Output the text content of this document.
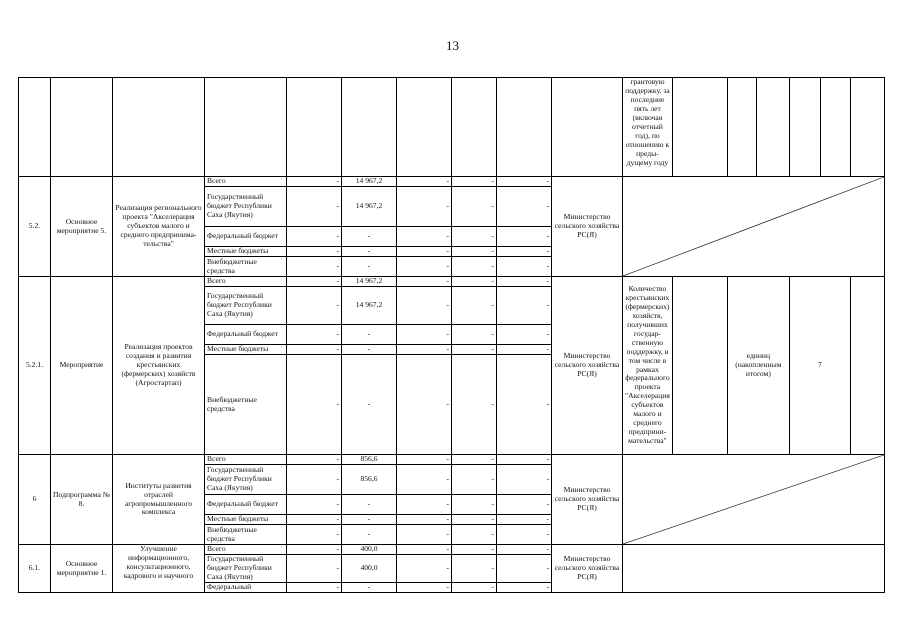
13
										грантовую поддержку, за последние пять лет (включая отчетный год), по отношению к преды-дущему году						
5.2.	Основное мероприятие 5.	Реализация регионального проекта "Акселерация субъектов малого и среднего предпринима-тельства"	Всего	-	14 967,2	-	-	-	Министерство сельского хозяйства РС(Я)	

			Государственный бюджет Республики Саха (Якутия)	-	14 967,2	-	-	-								
			Федеральный бюджет	-	-	-	-	-								
			Местные бюджеты	-	-	-	-	-								
			Внебюджетные средства	-	-	-	-	-								
5.2.1.	Мероприятие	Реализация проектов создания и развития крестьянских (фермерских) хозяйств (Агростартап)	Всего	-	14 967,2	-	-	-	Министерство сельского хозяйства РС(Я)	Количество крестьянских (фермерских) хозяйств, получивших государ-ственную поддержку, в том числе в рамках федерального проекта "Акселерация субъектов малого и среднего предприни-мательства"		единиц (накопленным итогом)		7		
			Государственный бюджет Республики Саха (Якутия)	-	14 967,2	-	-	-								
			Федеральный бюджет	-	-	-	-	-								
			Местные бюджеты	-	-	-	-	-								
			Внебюджетные средства	-	-	-	-	-								
6	Подпрограмма № 8.	Институты развития отраслей агропромышленного комплекса	Всего	-	856,6	-	-	-	Министерство сельского хозяйства РС(Я)	

			Государственный бюджет Республики Саха (Якутия)	-	856,6	-	-	-								
			Федеральный бюджет	-	-	-	-	-								
			Местные бюджеты	-	-	-	-	-								
			Внебюджетные средства	-	-	-	-	-								
6.1.	Основное мероприятие 1.	Улучшение информационного, консультационного, кадрового и научного	Всего	-	400,0	-	-	-	Министерство сельского хозяйства РС(Я)							
			Государственный бюджет Республики Саха (Якутия)	-	400,0	-	-	-								
			Федеральный	-	-	-	-	-								
